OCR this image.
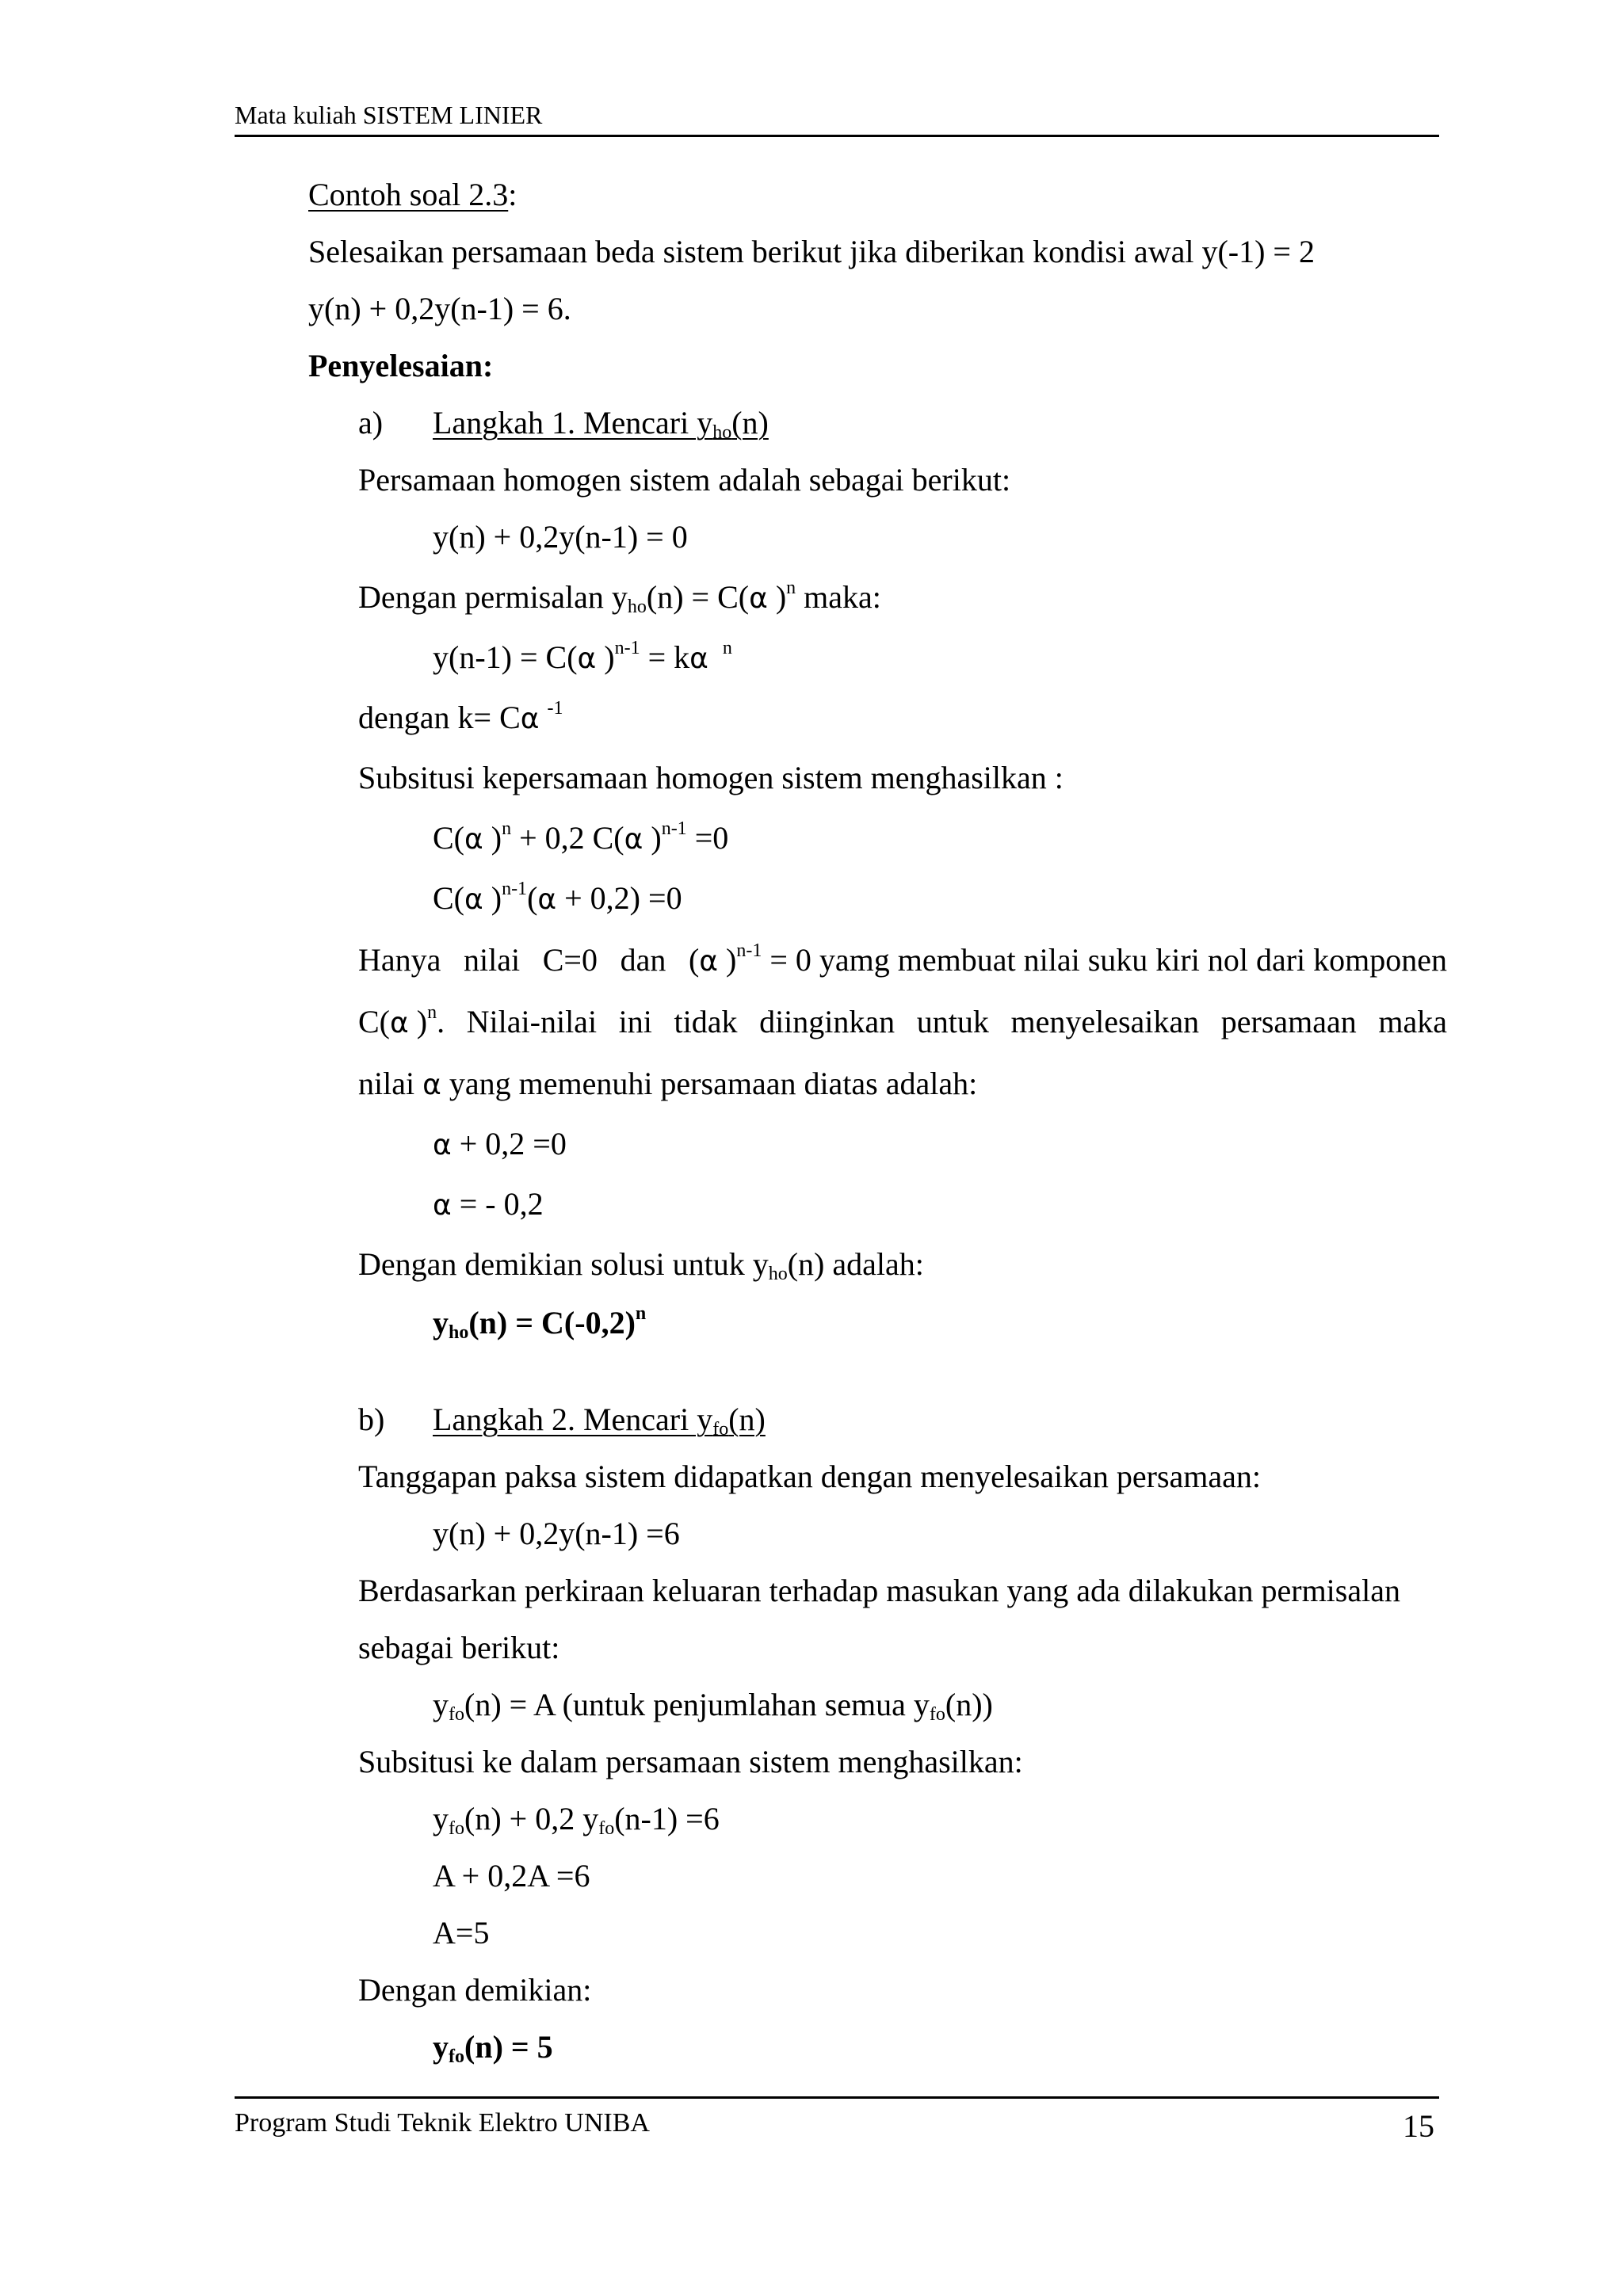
Mata kuliah SISTEM LINIER
Contoh soal 2.3:
Selesaikan persamaan beda sistem berikut jika diberikan kondisi awal y(-1) = 2
y(n) + 0,2y(n-1) = 6.
Penyelesaian:
a) Langkah 1. Mencari $y_{ho}(n)$
Persamaan homogen sistem adalah sebagai berikut:
y(n) + 0,2y(n-1) = 0
Dengan permisalan $y_{ho}(n) = C(\alpha$ )$^n$ maka:
y(n-1) = C(α )$^{n-1}$ = kα $^n$
dengan k= Cα $^{-1}$
Subsitusi kepersamaan homogen sistem menghasilkan :
C(α )$^n$ + 0,2 C(α )$^{n-1}$ =0
C(α )$^{n-1}$(α + 0,2) =0
Hanya nilai C=0 dan (α )$^{n-1}$ = 0 yamg membuat nilai suku kiri nol dari komponen
C(α )$^n$. Nilai-nilai ini tidak diinginkan untuk menyelesaikan persamaan maka
nilai α yang memenuhi persamaan diatas adalah:
α + 0,2 =0
α = - 0,2
Dengan demikian solusi untuk $y_{ho}(n)$ adalah:
$y_{ho}(n) = C(-0,2)^n$
b) Langkah 2. Mencari $y_{fo}(n)$
Tanggapan paksa sistem didapatkan dengan menyelesaikan persamaan:
y(n) + 0,2y(n-1) =6
Berdasarkan perkiraan keluaran terhadap masukan yang ada dilakukan permisalan
sebagai berikut:
$y_{fo}(n) = A$ (untuk penjumlahan semua $y_{fo}(n)$)
Subsitusi ke dalam persamaan sistem menghasilkan:
$y_{fo}(n) + 0,2$ $y_{fo}(n-1) =6$
A + 0,2A =6
A=5
Dengan demikian:
$y_{fo}(n) = 5$
Program Studi Teknik Elektro UNIBA	15
